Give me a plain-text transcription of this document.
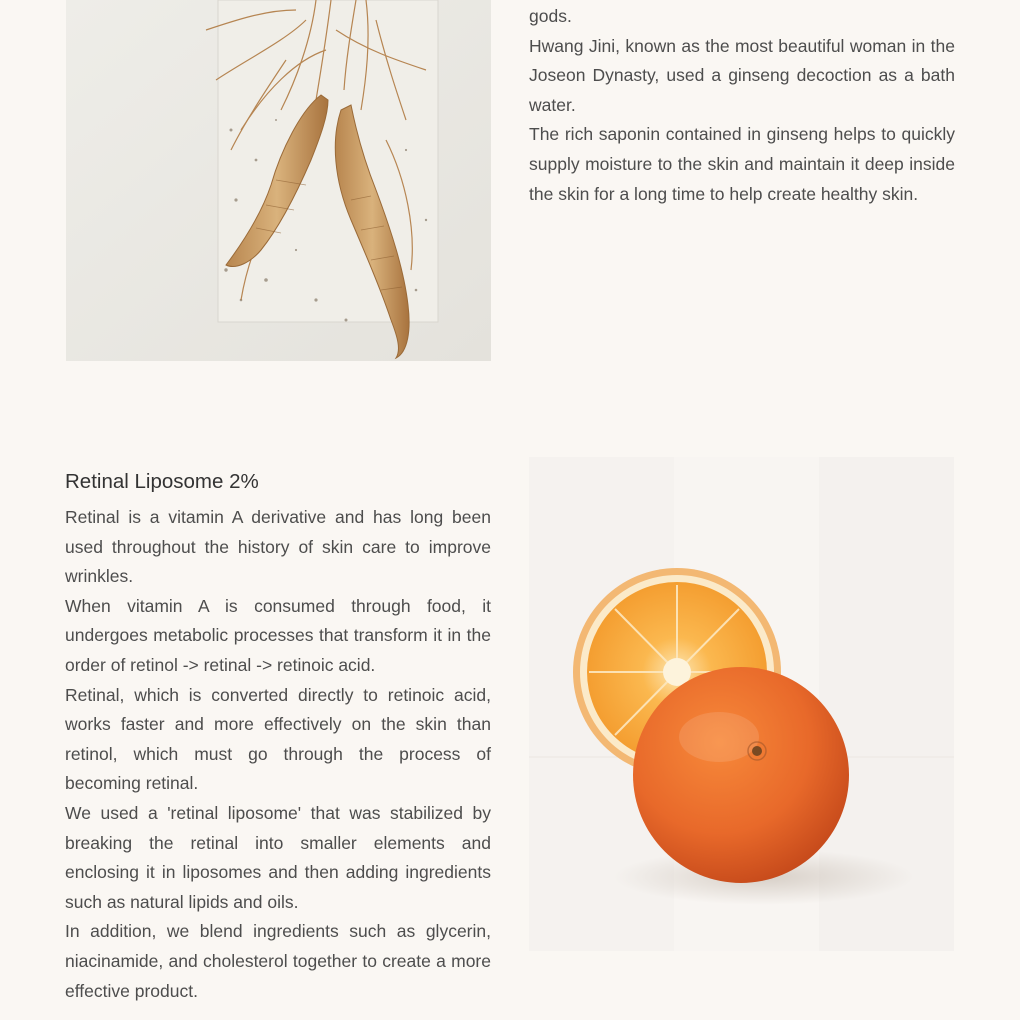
gods.

Hwang Jini, known as the most beautiful woman in the Joseon Dynasty, used a ginseng decoction as a bath water.

The rich saponin contained in ginseng helps to quickly supply moisture to the skin and maintain it deep inside the skin for a long time to help create healthy skin.

Retinal Liposome 2%

Retinal is a vitamin A derivative and has long been used throughout the history of skin care to improve wrinkles.

When vitamin A is consumed through food, it undergoes metabolic processes that transform it in the order of retinol -> retinal -> retinoic acid.

Retinal, which is converted directly to retinoic acid, works faster and more effectively on the skin than retinol, which must go through the process of becoming retinal.

We used a 'retinal liposome' that was stabilized by breaking the retinal into smaller elements and enclosing it in liposomes and then adding ingredients such as natural lipids and oils.

In addition, we blend ingredients such as glycerin, niacinamide, and cholesterol together to create a more effective product.
